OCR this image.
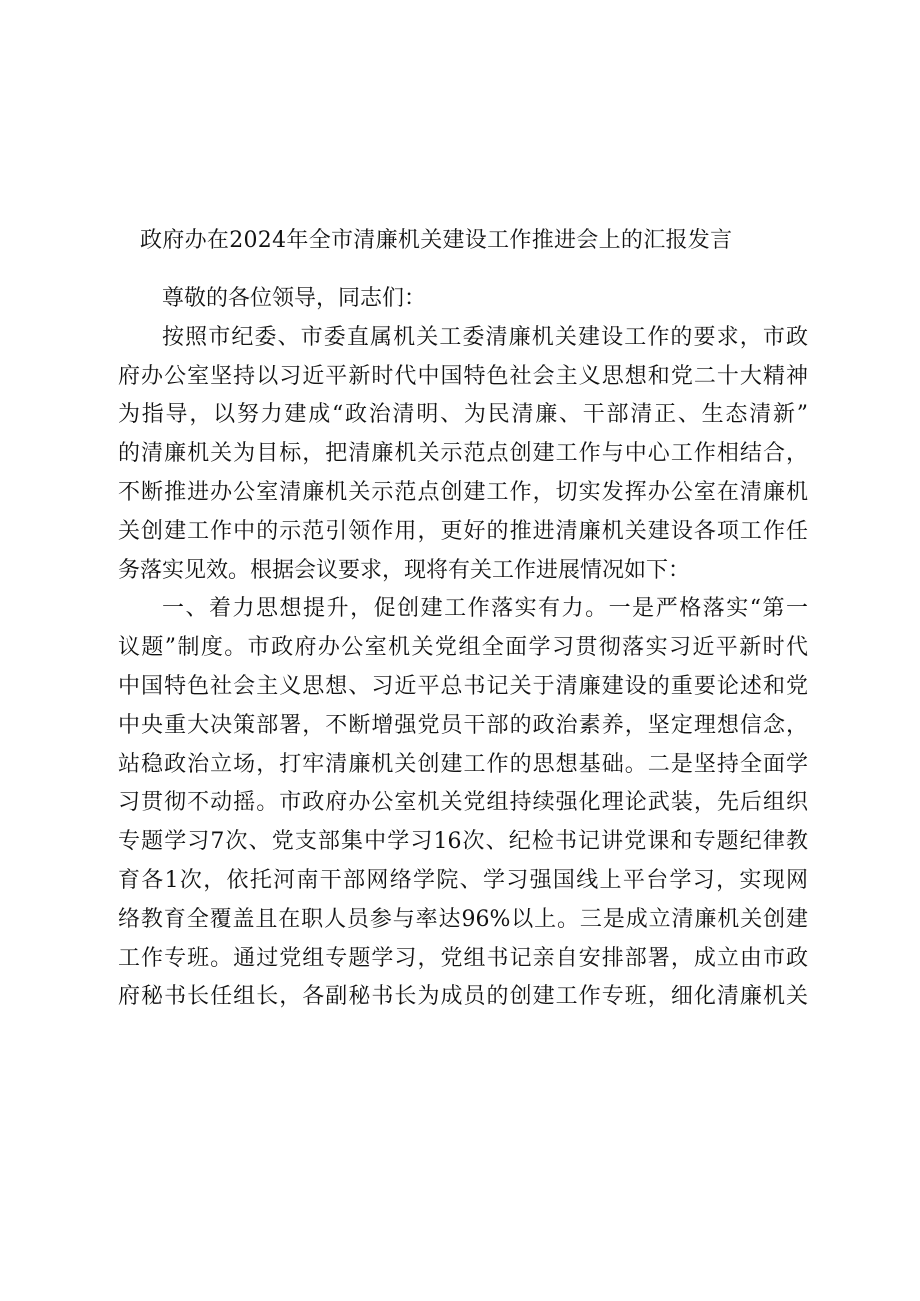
政府办在2024年全市清廉机关建设工作推进会上的汇报发言
尊敬的各位领导，同志们：
按照市纪委、市委直属机关工委清廉机关建设工作的要求，市政
府办公室坚持以习近平新时代中国特色社会主义思想和党二十大精神
为指导，以努力建成“政治清明、为民清廉、干部清正、生态清新”
的清廉机关为目标，把清廉机关示范点创建工作与中心工作相结合，
不断推进办公室清廉机关示范点创建工作，切实发挥办公室在清廉机
关创建工作中的示范引领作用，更好的推进清廉机关建设各项工作任
务落实见效。根据会议要求，现将有关工作进展情况如下：
一、着力思想提升，促创建工作落实有力。一是严格落实“第一
议题”制度。市政府办公室机关党组全面学习贯彻落实习近平新时代
中国特色社会主义思想、习近平总书记关于清廉建设的重要论述和党
中央重大决策部署，不断增强党员干部的政治素养，坚定理想信念，
站稳政治立场，打牢清廉机关创建工作的思想基础。二是坚持全面学
习贯彻不动摇。市政府办公室机关党组持续强化理论武装，先后组织
专题学习7次、党支部集中学习16次、纪检书记讲党课和专题纪律教
育各1次，依托河南干部网络学院、学习强国线上平台学习，实现网
络教育全覆盖且在职人员参与率达96%以上。三是成立清廉机关创建
工作专班。通过党组专题学习，党组书记亲自安排部署，成立由市政
府秘书长任组长，各副秘书长为成员的创建工作专班，细化清廉机关
